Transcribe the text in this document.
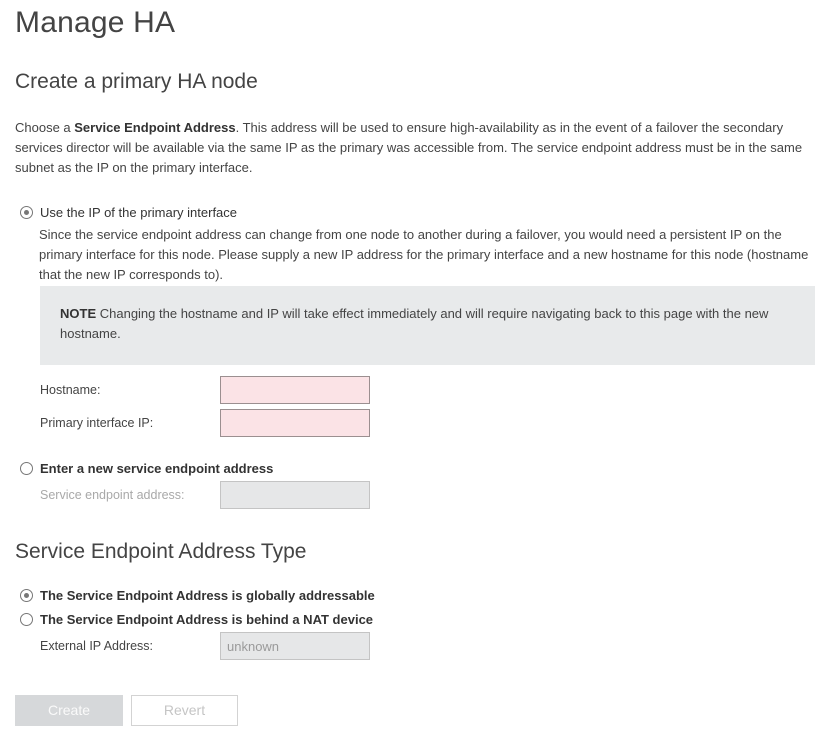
Manage HA
Create a primary HA node
Choose a Service Endpoint Address. This address will be used to ensure high-availability as in the event of a failover the secondary services director will be available via the same IP as the primary was accessible from. The service endpoint address must be in the same subnet as the IP on the primary interface.
Use the IP of the primary interface
Since the service endpoint address can change from one node to another during a failover, you would need a persistent IP on the primary interface for this node. Please supply a new IP address for the primary interface and a new hostname for this node (hostname that the new IP corresponds to).
NOTE Changing the hostname and IP will take effect immediately and will require navigating back to this page with the new hostname.
Hostname:
Primary interface IP:
Enter a new service endpoint address
Service endpoint address:
Service Endpoint Address Type
The Service Endpoint Address is globally addressable
The Service Endpoint Address is behind a NAT device
External IP Address:
unknown
Create	Revert
